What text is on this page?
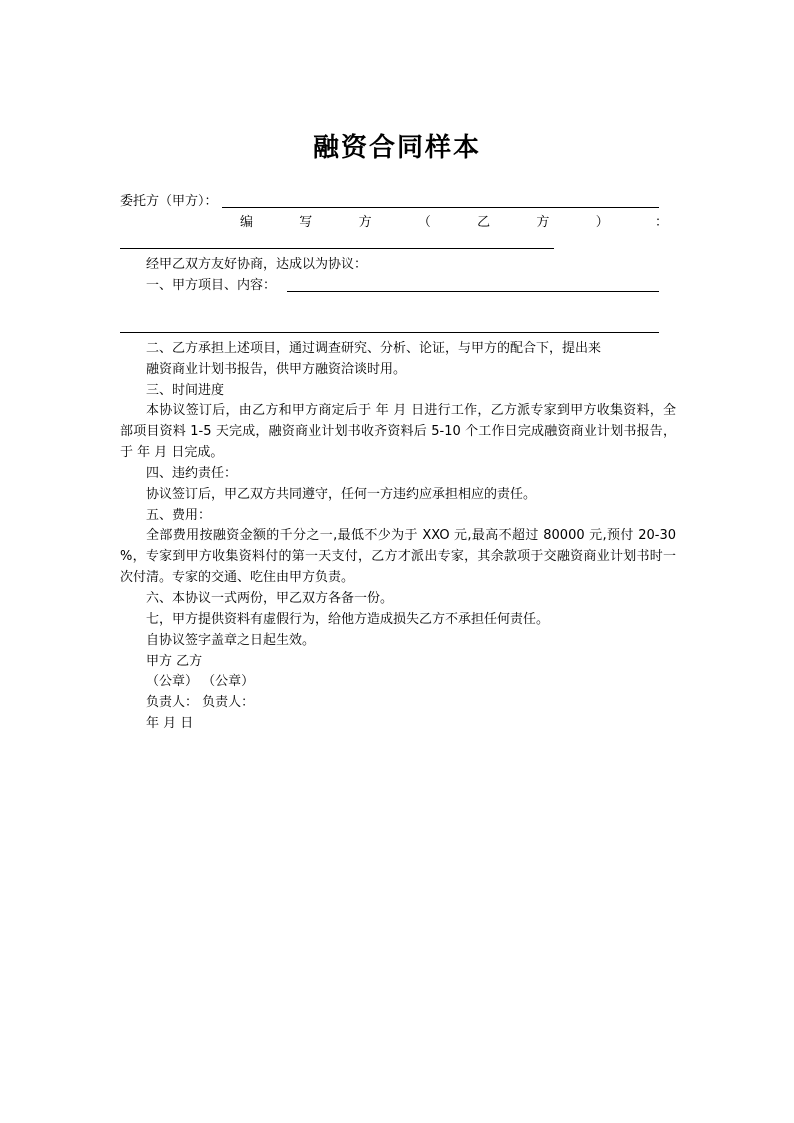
融资合同样本
委托方（甲方）：
编	写	方	（	乙	方	）	：
经甲乙双方友好协商，达成以为协议：
一、甲方项目、内容：
二、乙方承担上述项目，通过调查研究、分析、论证，与甲方的配合下，提出来
融资商业计划书报告，供甲方融资洽谈时用。
三、时间进度
本协议签订后，由乙方和甲方商定后于 年 月 日进行工作，乙方派专家到甲方收集资料，全部项目资料 1-5 天完成，融资商业计划书收齐资料后 5-10 个工作日完成融资商业计划书报告，于 年 月 日完成。
四、违约责任：
协议签订后，甲乙双方共同遵守，任何一方违约应承担相应的责任。
五、费用：
全部费用按融资金额的千分之一,最低不少为于 XXO 元,最高不超过 80000 元,预付 20-30 %，专家到甲方收集资料付的第一天支付，乙方才派出专家，其余款项于交融资商业计划书时一次付清。专家的交通、吃住由甲方负责。
六、本协议一式两份，甲乙双方各备一份。
七，甲方提供资料有虚假行为，给他方造成损失乙方不承担任何责任。
自协议签字盖章之日起生效。
甲方 乙方
（公章） （公章）
负责人： 负责人：
年 月 日
